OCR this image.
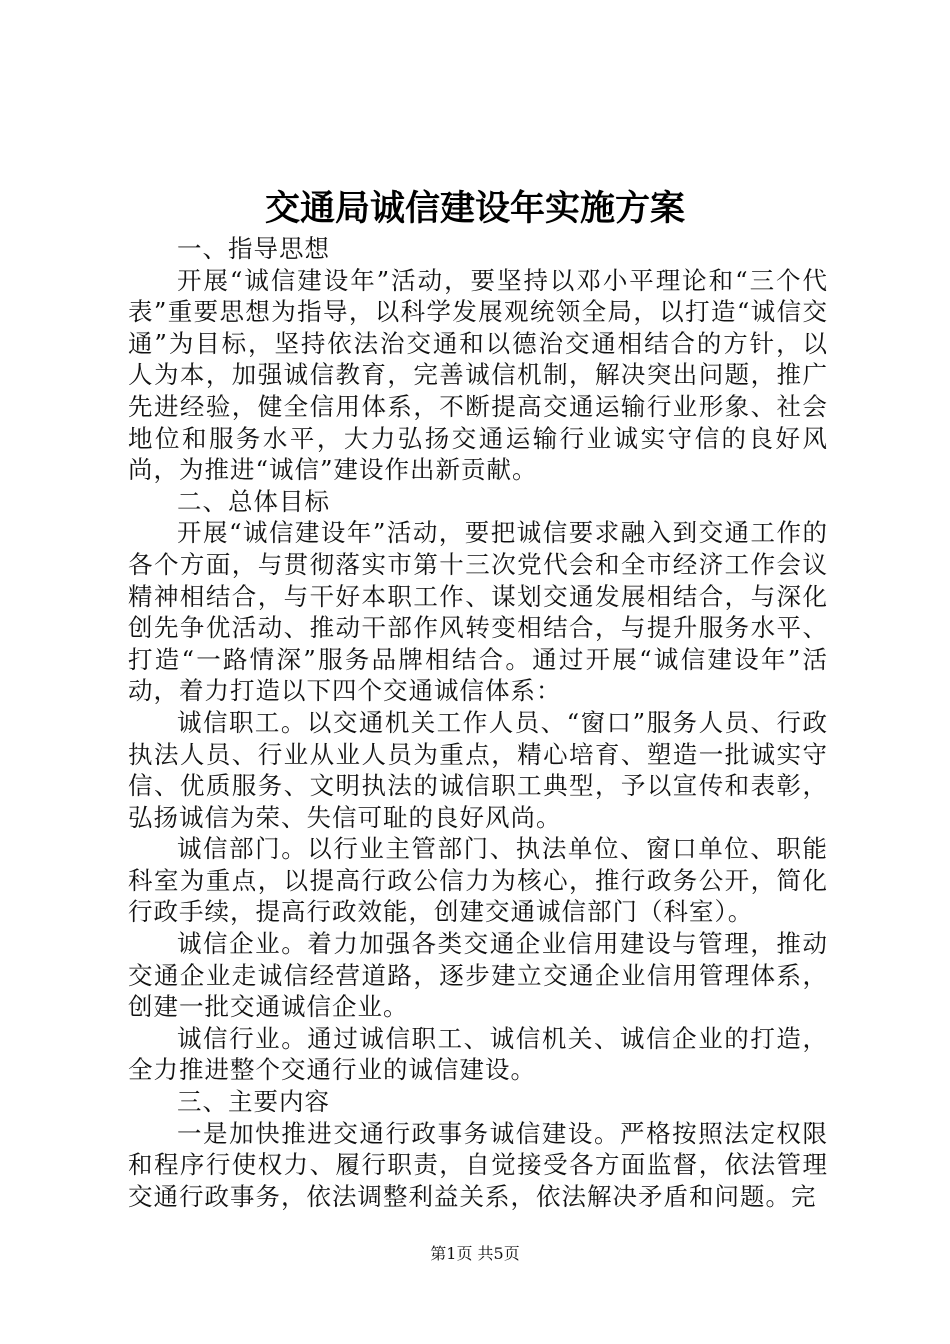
交通局诚信建设年实施方案

一、指导思想

开展“诚信建设年”活动，要坚持以邓小平理论和“三个代表”重要思想为指导，以科学发展观统领全局，以打造“诚信交通”为目标，坚持依法治交通和以德治交通相结合的方针，以人为本，加强诚信教育，完善诚信机制，解决突出问题，推广先进经验，健全信用体系，不断提高交通运输行业形象、社会地位和服务水平，大力弘扬交通运输行业诚实守信的良好风尚，为推进“诚信”建设作出新贡献。

二、总体目标

开展“诚信建设年”活动，要把诚信要求融入到交通工作的各个方面，与贯彻落实市第十三次党代会和全市经济工作会议精神相结合，与干好本职工作、谋划交通发展相结合，与深化创先争优活动、推动干部作风转变相结合，与提升服务水平、打造“一路情深”服务品牌相结合。通过开展“诚信建设年”活动，着力打造以下四个交通诚信体系：

诚信职工。以交通机关工作人员、“窗口”服务人员、行政执法人员、行业从业人员为重点，精心培育、塑造一批诚实守信、优质服务、文明执法的诚信职工典型，予以宣传和表彰，弘扬诚信为荣、失信可耻的良好风尚。

诚信部门。以行业主管部门、执法单位、窗口单位、职能科室为重点，以提高行政公信力为核心，推行政务公开，简化行政手续，提高行政效能，创建交通诚信部门（科室）。

诚信企业。着力加强各类交通企业信用建设与管理，推动交通企业走诚信经营道路，逐步建立交通企业信用管理体系，创建一批交通诚信企业。

诚信行业。通过诚信职工、诚信机关、诚信企业的打造，全力推进整个交通行业的诚信建设。

三、主要内容

一是加快推进交通行政事务诚信建设。严格按照法定权限和程序行使权力、履行职责，自觉接受各方面监督，依法管理交通行政事务，依法调整利益关系，依法解决矛盾和问题。完

第1页 共5页
